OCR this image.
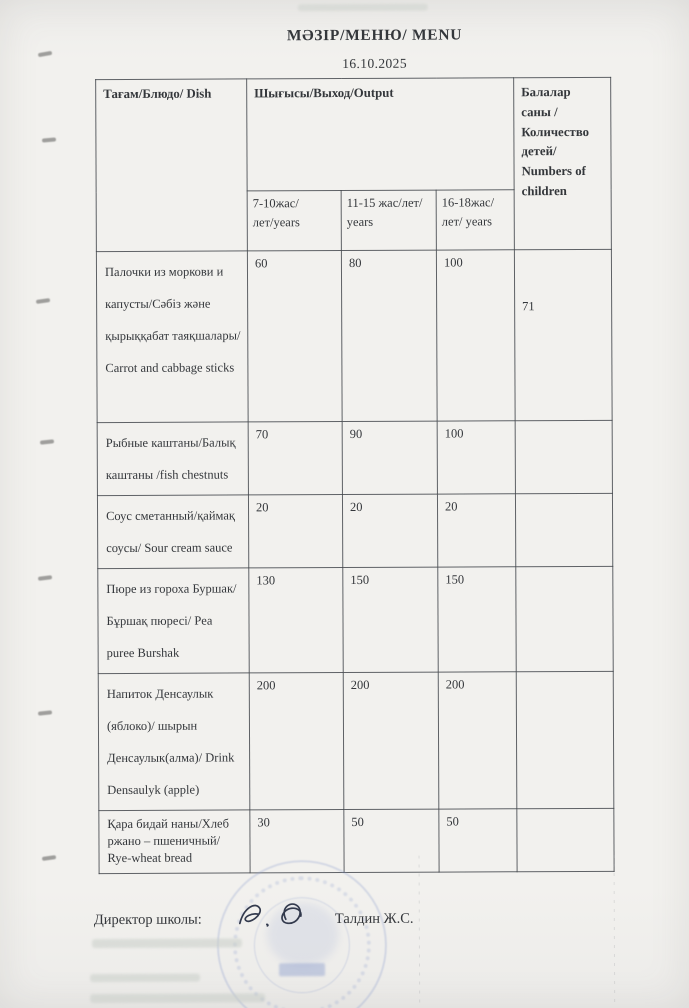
МӘЗІР/МЕНЮ/ MENU
16.10.2025
Тағам/Блюдо/ Dish	Шығысы/Выход/Output			Балалар саны /Количество детей/ Numbers of children
	7-10жас/лет/years	11-15 жас/лет/ years	16-18жас/лет/ years	
Палочки из моркови и капусты/Сәбіз және қырыққабат таяқшалары/ Carrot and cabbage sticks	60	80	100	71
Рыбные каштаны/Балық каштаны /fish chestnuts	70	90	100	
Соус сметанный/қаймақ соусы/ Sour cream sauce	20	20	20	
Пюре из гороха Буршак/Бұршақ пюресі/ Pea puree Burshak	130	150	150	
Напиток Денсаулык (яблоко)/ шырын Денсаулык(алма)/ Drink Densaulyk (apple)	200	200	200	
Қара бидай наны/Хлеб ржано – пшеничный/ Rye-wheat bread	30	50	50	
Директор школы:	Талдин Ж.С.
